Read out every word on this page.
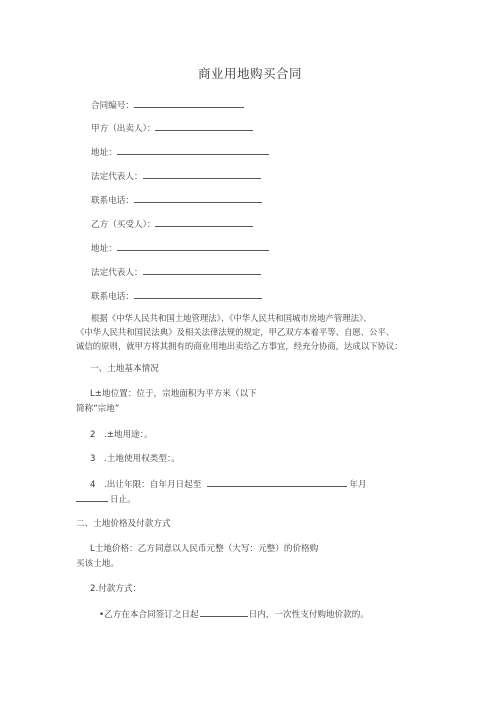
商业用地购买合同
合同编号：
甲方（出卖人）：
地址：
法定代表人：
联系电话：
乙方（买受人）：
地址：
法定代表人：
联系电话：
根据《中华人民共和国土地管理法》、《中华人民共和国城市房地产管理法》、
《中华人民共和国民法典》及相关法律法规的规定，甲乙双方本着平等、自愿、公平、
诚信的原则，就甲方将其拥有的商业用地出卖给乙方事宜，经充分协商，达成以下协议：
一、土地基本情况
L±地位置：位于，宗地面积为平方米（以下
简称“宗地”
2　.±地用途：。
3　.土地使用权类型：。
4　.出让年限：自年月日起至	年月
日止。
二、土地价格及付款方式
L士地价格：乙方同意以人民币元整（大写：元整）的价格购
买该土地。
2.付款方式：
•乙方在本合同签订之日起	日内，一次性支付购地价款的。
